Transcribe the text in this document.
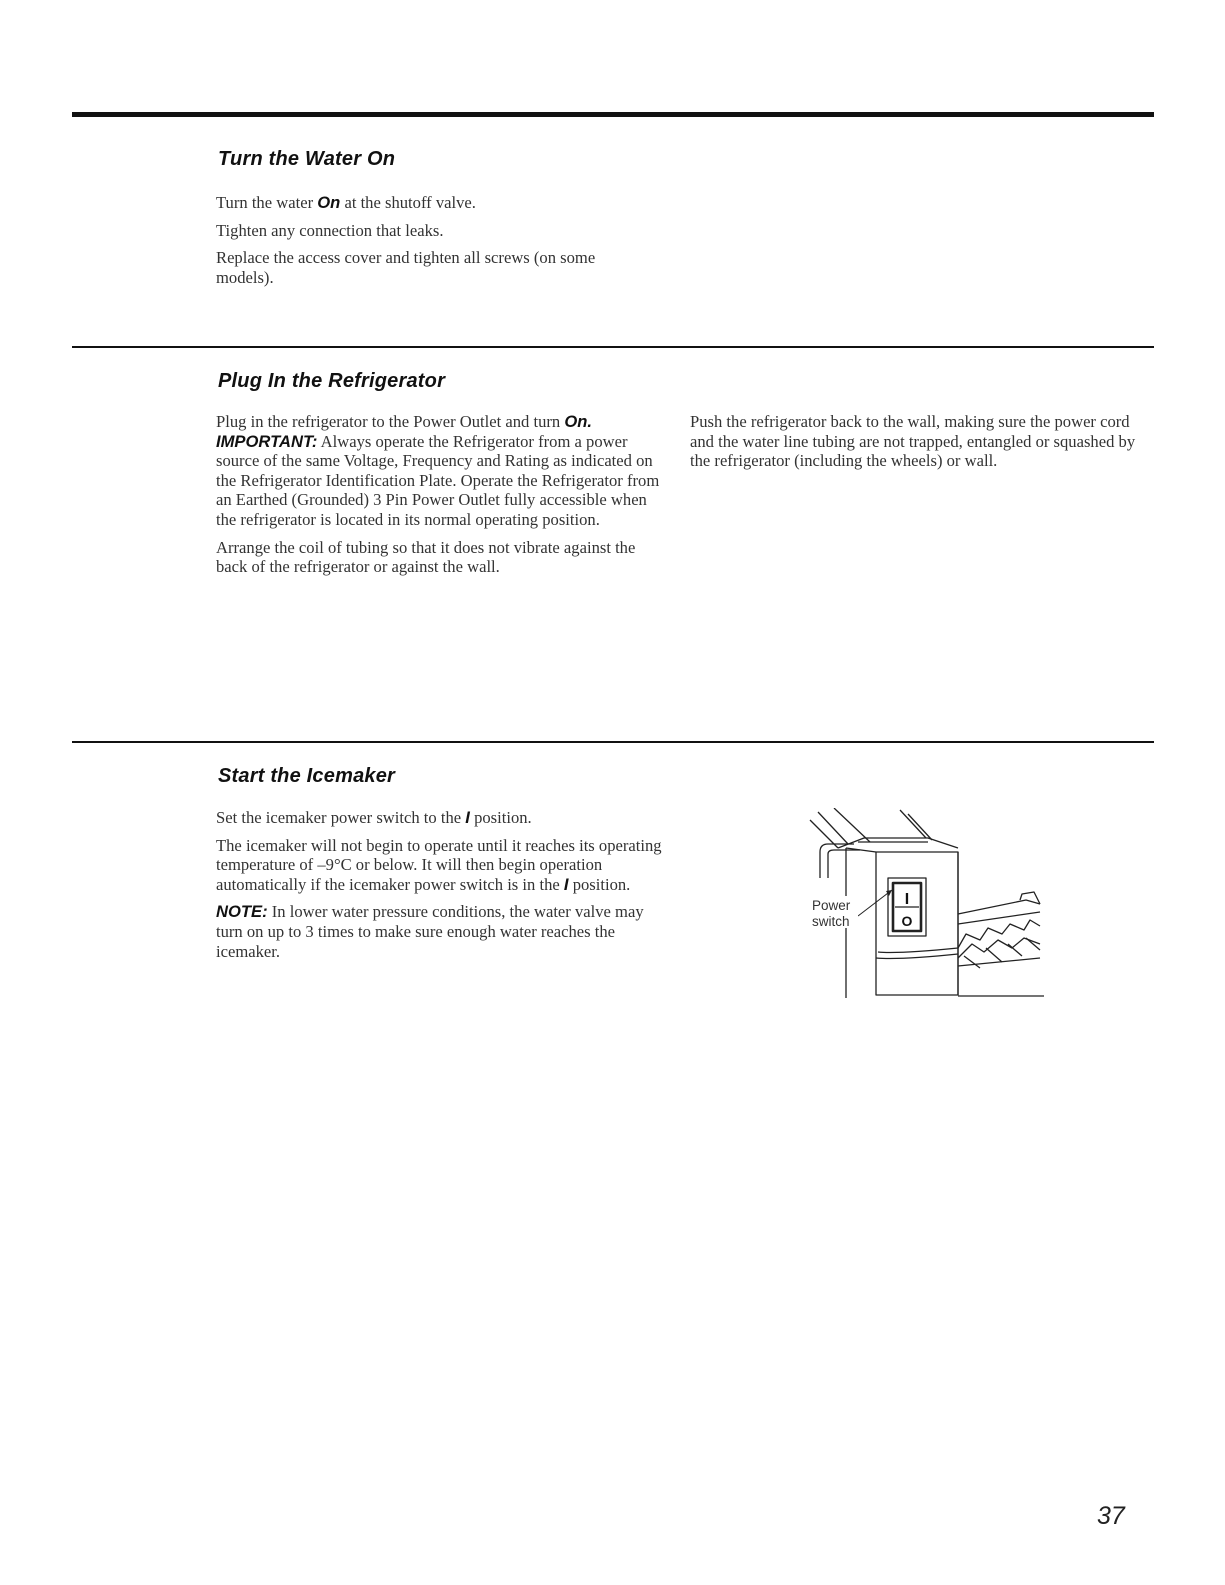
Turn the Water On

Turn the water On at the shutoff valve.

Tighten any connection that leaks.

Replace the access cover and tighten all screws (on some models).

Plug In the Refrigerator

Plug in the refrigerator to the Power Outlet and turn On.

IMPORTANT: Always operate the Refrigerator from a power source of the same Voltage, Frequency and Rating as indicated on the Refrigerator Identification Plate. Operate the Refrigerator from an Earthed (Grounded) 3 Pin Power Outlet fully accessible when the refrigerator is located in its normal operating position.

Arrange the coil of tubing so that it does not vibrate against the back of the refrigerator or against the wall.

Push the refrigerator back to the wall, making sure the power cord and the water line tubing are not trapped, entangled or squashed by the refrigerator (including the wheels) or wall.

Start the Icemaker

Set the icemaker power switch to the I position.

The icemaker will not begin to operate until it reaches its operating temperature of –9°C or below. It will then begin operation automatically if the icemaker power switch is in the I position.

NOTE: In lower water pressure conditions, the water valve may turn on up to 3 times to make sure enough water reaches the icemaker.

I
O
Power
switch
37
